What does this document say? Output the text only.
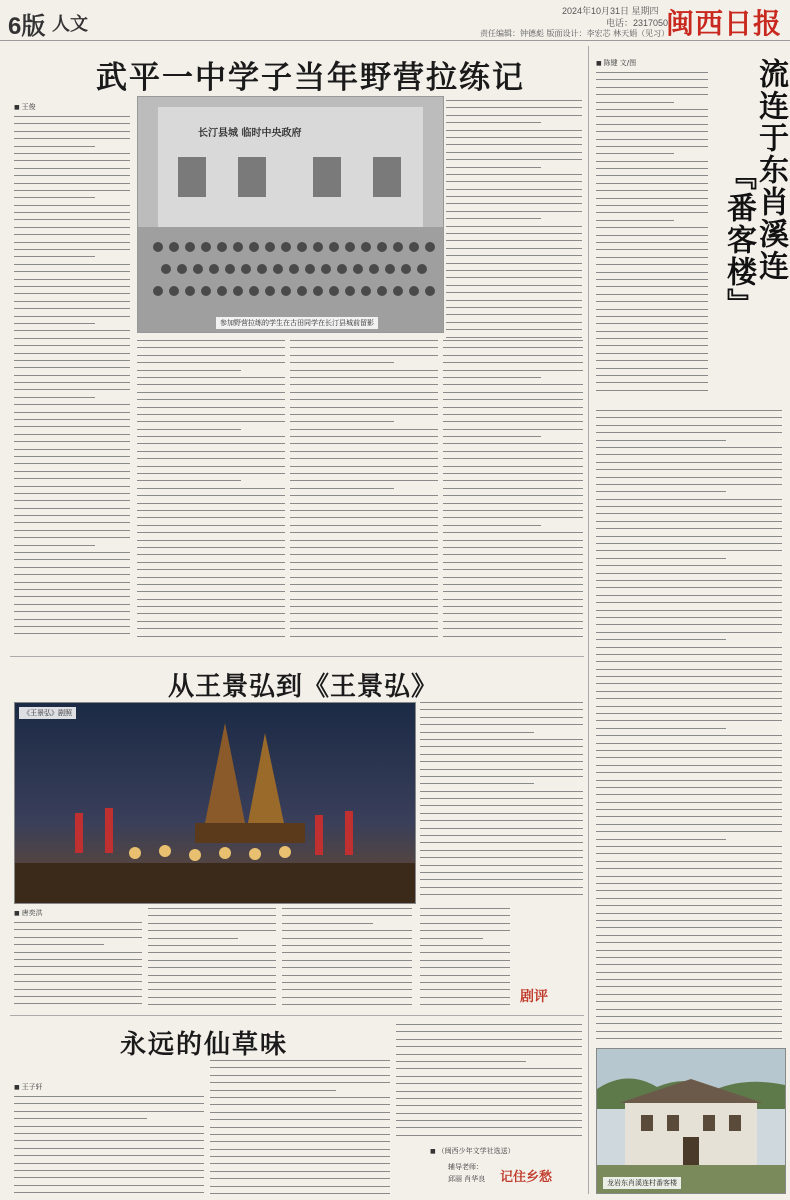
6版 人文
2024年10月31日 星期四
电话：2317050
责任编辑：钟德彪 版面设计：李宏芯 林天娟（见习）
闽西日报
武平一中学子当年野营拉练记
■ 王俊
长汀县城 临时中央政府
参加野营拉练的学生在古田同学在长汀县城前留影
从王景弘到《王景弘》
《王景弘》剧照
■ 唐奕洪
剧评
永远的仙草味
■ 王子轩
■ （闽西少年文学社选送）
辅导老师：
邱丽 肖华良 记住乡愁
■ 陈键 文/图	流连于东肖溪连
『番客楼』
龙岩东肖溪连村番客楼
